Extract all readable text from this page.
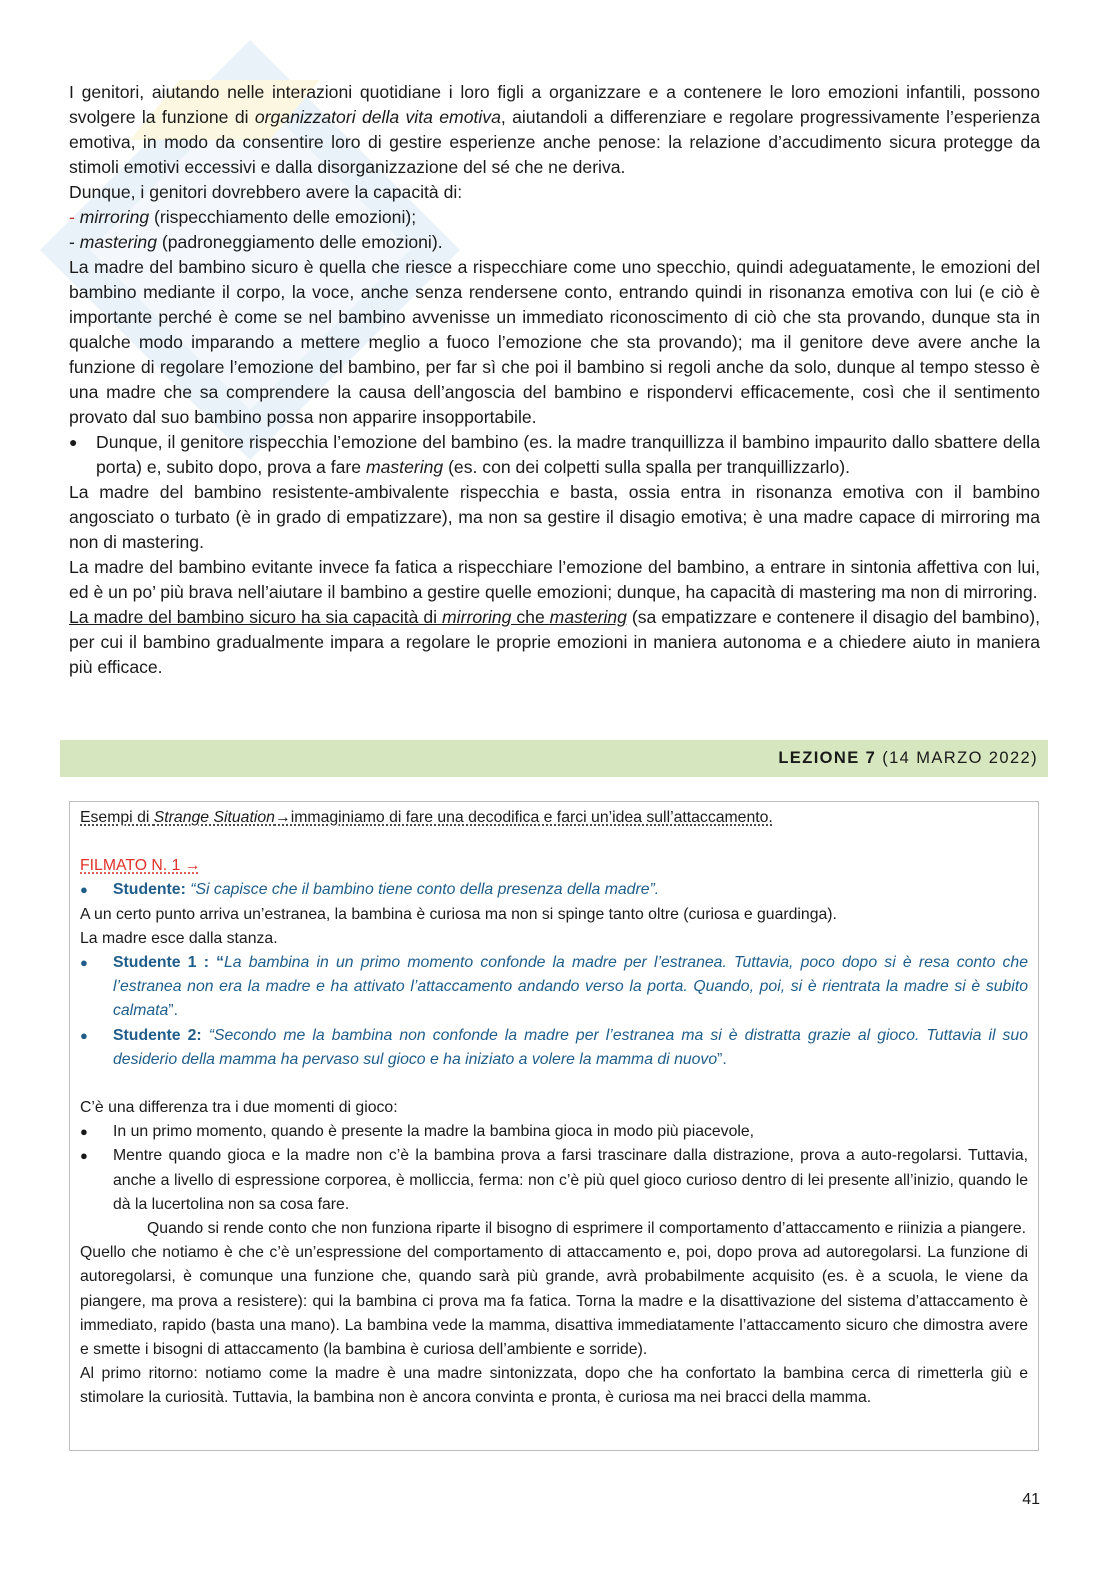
I genitori, aiutando nelle interazioni quotidiane i loro figli a organizzare e a contenere le loro emozioni infantili, possono svolgere la funzione di organizzatori della vita emotiva, aiutandoli a differenziare e regolare progressivamente l’esperienza emotiva, in modo da consentire loro di gestire esperienze anche penose: la relazione d’accudimento sicura protegge da stimoli emotivi eccessivi e dalla disorganizzazione del sé che ne deriva.

Dunque, i genitori dovrebbero avere la capacità di:

- mirroring (rispecchiamento delle emozioni);

- mastering (padroneggiamento delle emozioni).

La madre del bambino sicuro è quella che riesce a rispecchiare come uno specchio, quindi adeguatamente, le emozioni del bambino mediante il corpo, la voce, anche senza rendersene conto, entrando quindi in risonanza emotiva con lui (e ciò è importante perché è come se nel bambino avvenisse un immediato riconoscimento di ciò che sta provando, dunque sta in qualche modo imparando a mettere meglio a fuoco l’emozione che sta provando); ma il genitore deve avere anche la funzione di regolare l’emozione del bambino, per far sì che poi il bambino si regoli anche da solo, dunque al tempo stesso è una madre che sa comprendere la causa dell’angoscia del bambino e rispondervi efficacemente, così che il sentimento provato dal suo bambino possa non apparire insopportabile.

●	Dunque, il genitore rispecchia l’emozione del bambino (es. la madre tranquillizza il bambino impaurito dallo sbattere della porta) e, subito dopo, prova a fare mastering (es. con dei colpetti sulla spalla per tranquillizzarlo).

La madre del bambino resistente-ambivalente rispecchia e basta, ossia entra in risonanza emotiva con il bambino angosciato o turbato (è in grado di empatizzare), ma non sa gestire il disagio emotiva; è una madre capace di mirroring ma non di mastering.

La madre del bambino evitante invece fa fatica a rispecchiare l’emozione del bambino, a entrare in sintonia affettiva con lui, ed è un po’ più brava nell’aiutare il bambino a gestire quelle emozioni; dunque, ha capacità di mastering ma non di mirroring.

La madre del bambino sicuro ha sia capacità di mirroring che mastering (sa empatizzare e contenere il disagio del bambino), per cui il bambino gradualmente impara a regolare le proprie emozioni in maniera autonoma e a chiedere aiuto in maniera più efficace.

LEZIONE 7 (14 MARZO 2022)

Esempi di Strange Situation→immaginiamo di fare una decodifica e farci un’idea sull’attaccamento.

FILMATO N. 1 →

●	Studente: “Si capisce che il bambino tiene conto della presenza della madre”.

A un certo punto arriva un’estranea, la bambina è curiosa ma non si spinge tanto oltre (curiosa e guardinga).

La madre esce dalla stanza.

●	Studente 1 : “La bambina in un primo momento confonde la madre per l’estranea. Tuttavia, poco dopo si è resa conto che l’estranea non era la madre e ha attivato l’attaccamento andando verso la porta. Quando, poi, si è rientrata la madre si è subito calmata”.
●	Studente 2: “Secondo me la bambina non confonde la madre per l’estranea ma si è distratta grazie al gioco. Tuttavia il suo desiderio della mamma ha pervaso sul gioco e ha iniziato a volere la mamma di nuovo”.

C’è una differenza tra i due momenti di gioco:

●	In un primo momento, quando è presente la madre la bambina gioca in modo più piacevole,
●	Mentre quando gioca e la madre non c’è la bambina prova a farsi trascinare dalla distrazione, prova a auto-regolarsi. Tuttavia, anche a livello di espressione corporea, è molliccia, ferma: non c’è più quel gioco curioso dentro di lei presente all’inizio, quando le dà la lucertolina non sa cosa fare.

Quando si rende conto che non funziona riparte il bisogno di esprimere il comportamento d’attaccamento e riinizia a piangere.

Quello che notiamo è che c’è un’espressione del comportamento di attaccamento e, poi, dopo prova ad autoregolarsi. La funzione di autoregolarsi, è comunque una funzione che, quando sarà più grande, avrà probabilmente acquisito (es. è a scuola, le viene da piangere, ma prova a resistere): qui la bambina ci prova ma fa fatica. Torna la madre e la disattivazione del sistema d’attaccamento è immediato, rapido (basta una mano). La bambina vede la mamma, disattiva immediatamente l’attaccamento sicuro che dimostra avere e smette i bisogni di attaccamento (la bambina è curiosa dell’ambiente e sorride).

Al primo ritorno: notiamo come la madre è una madre sintonizzata, dopo che ha confortato la bambina cerca di rimetterla giù e stimolare la curiosità. Tuttavia, la bambina non è ancora convinta e pronta, è curiosa ma nei bracci della mamma.

41
